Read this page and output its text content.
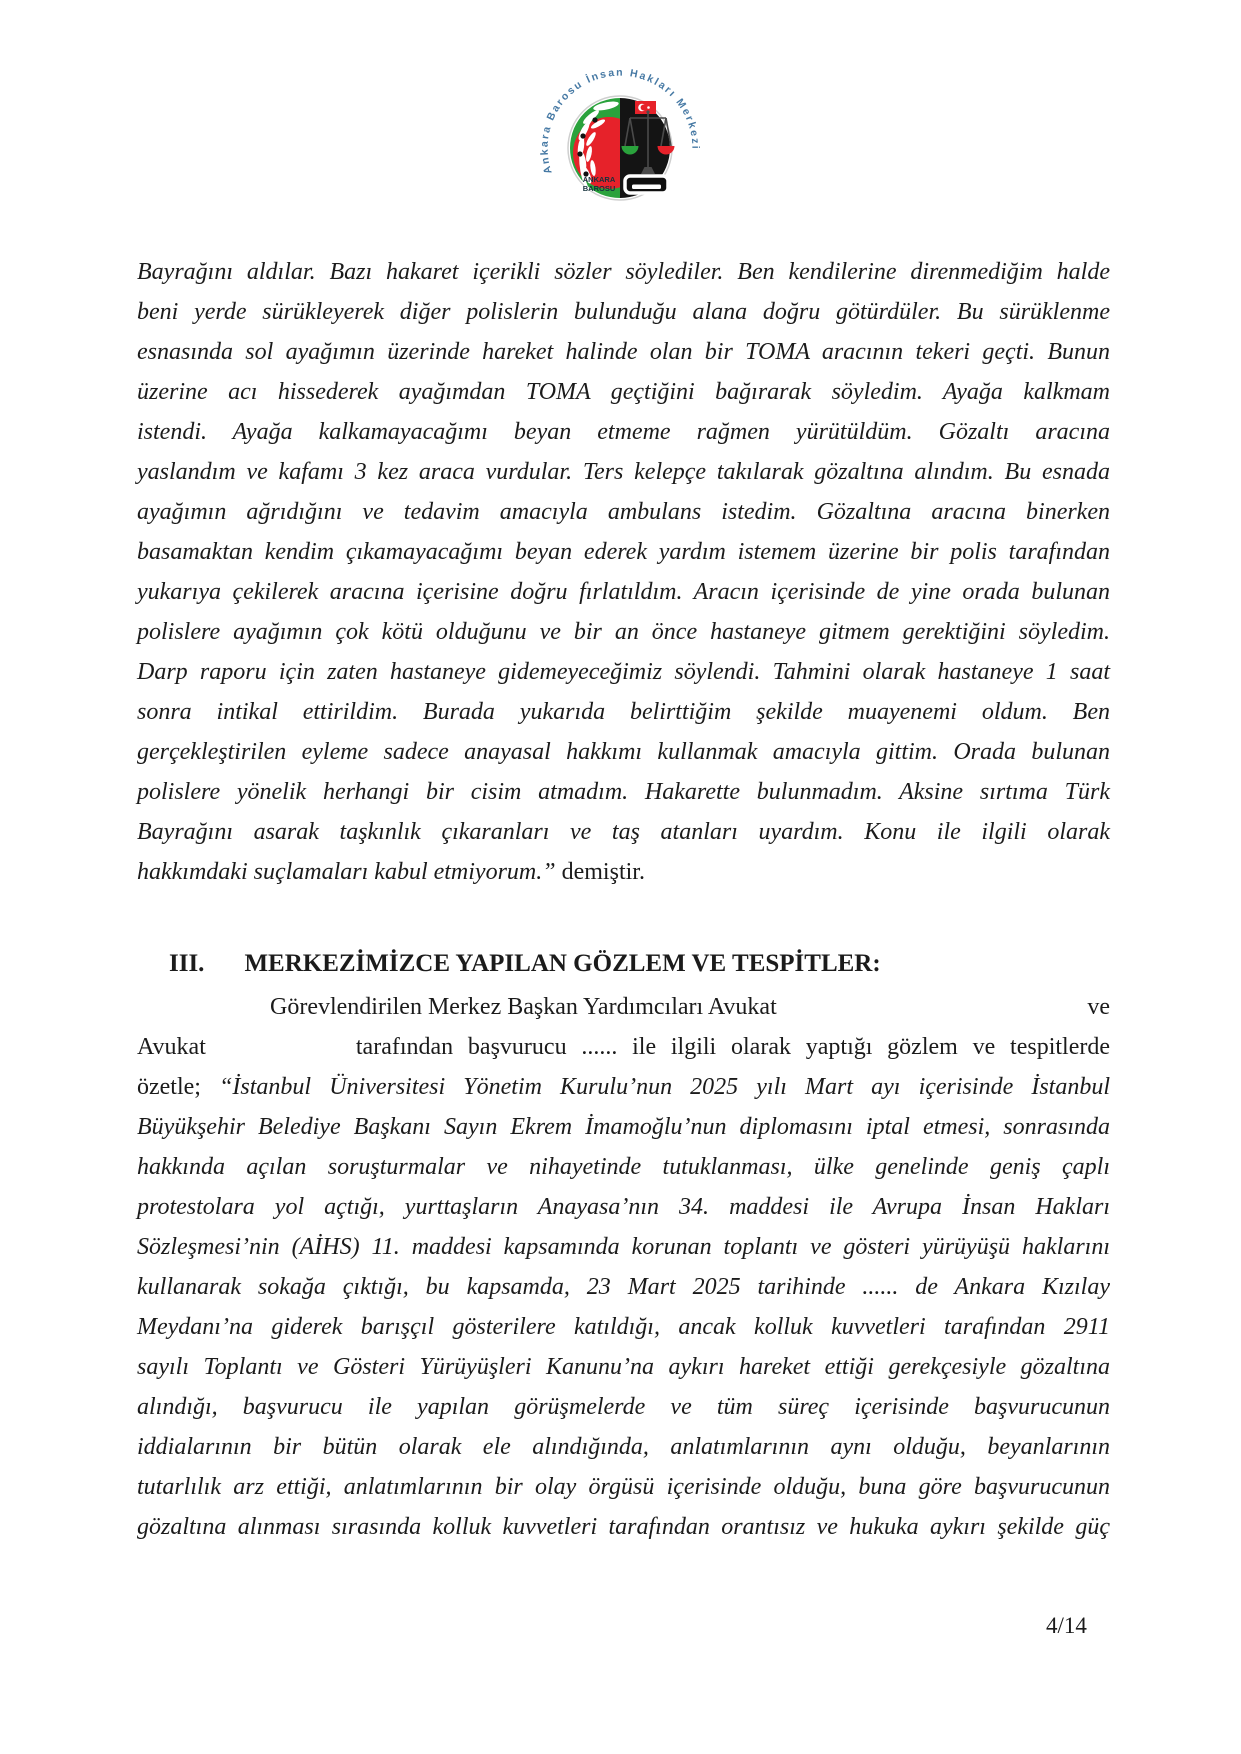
Ankara Barosu İnsan Hakları Merkezi
ANKARA
BAROSU
Bayrağını aldılar. Bazı hakaret içerikli sözler söylediler. Ben kendilerine direnmediğim halde
beni yerde sürükleyerek diğer polislerin bulunduğu alana doğru götürdüler. Bu sürüklenme
esnasında sol ayağımın üzerinde hareket halinde olan bir TOMA aracının tekeri geçti. Bunun
üzerine acı hissederek ayağımdan TOMA geçtiğini bağırarak söyledim. Ayağa kalkmam
istendi. Ayağa kalkamayacağımı beyan etmeme rağmen yürütüldüm. Gözaltı aracına
yaslandım ve kafamı 3 kez araca vurdular. Ters kelepçe takılarak gözaltına alındım. Bu esnada
ayağımın ağrıdığını ve tedavim amacıyla ambulans istedim. Gözaltına aracına binerken
basamaktan kendim çıkamayacağımı beyan ederek yardım istemem üzerine bir polis tarafından
yukarıya çekilerek aracına içerisine doğru fırlatıldım. Aracın içerisinde de yine orada bulunan
polislere ayağımın çok kötü olduğunu ve bir an önce hastaneye gitmem gerektiğini söyledim.
Darp raporu için zaten hastaneye gidemeyeceğimiz söylendi. Tahmini olarak hastaneye 1 saat
sonra intikal ettirildim. Burada yukarıda belirttiğim şekilde muayenemi oldum. Ben
gerçekleştirilen eyleme sadece anayasal hakkımı kullanmak amacıyla gittim. Orada bulunan
polislere yönelik herhangi bir cisim atmadım. Hakarette bulunmadım. Aksine sırtıma Türk
Bayrağını asarak taşkınlık çıkaranları ve taş atanları uyardım. Konu ile ilgili olarak
hakkımdaki suçlamaları kabul etmiyorum.” demiştir.
III. MERKEZİMİZCE YAPILAN GÖZLEM VE TESPİTLER:
ve
Görevlendirilen Merkez Başkan Yardımcıları Avukat
Avukat	tarafından başvurucu ...... ile ilgili olarak yaptığı gözlem ve tespitlerde
özetle; “İstanbul Üniversitesi Yönetim Kurulu’nun 2025 yılı Mart ayı içerisinde İstanbul
Büyükşehir Belediye Başkanı Sayın Ekrem İmamoğlu’nun diplomasını iptal etmesi, sonrasında
hakkında açılan soruşturmalar ve nihayetinde tutuklanması, ülke genelinde geniş çaplı
protestolara yol açtığı, yurttaşların Anayasa’nın 34. maddesi ile Avrupa İnsan Hakları
Sözleşmesi’nin (AİHS) 11. maddesi kapsamında korunan toplantı ve gösteri yürüyüşü haklarını
kullanarak sokağa çıktığı, bu kapsamda, 23 Mart 2025 tarihinde ...... de Ankara Kızılay
Meydanı’na giderek barışçıl gösterilere katıldığı, ancak kolluk kuvvetleri tarafından 2911
sayılı Toplantı ve Gösteri Yürüyüşleri Kanunu’na aykırı hareket ettiği gerekçesiyle gözaltına
alındığı, başvurucu ile yapılan görüşmelerde ve tüm süreç içerisinde başvurucunun
iddialarının bir bütün olarak ele alındığında, anlatımlarının aynı olduğu, beyanlarının
tutarlılık arz ettiği, anlatımlarının bir olay örgüsü içerisinde olduğu, buna göre başvurucunun
gözaltına alınması sırasında kolluk kuvvetleri tarafından orantısız ve hukuka aykırı şekilde güç
4/14
